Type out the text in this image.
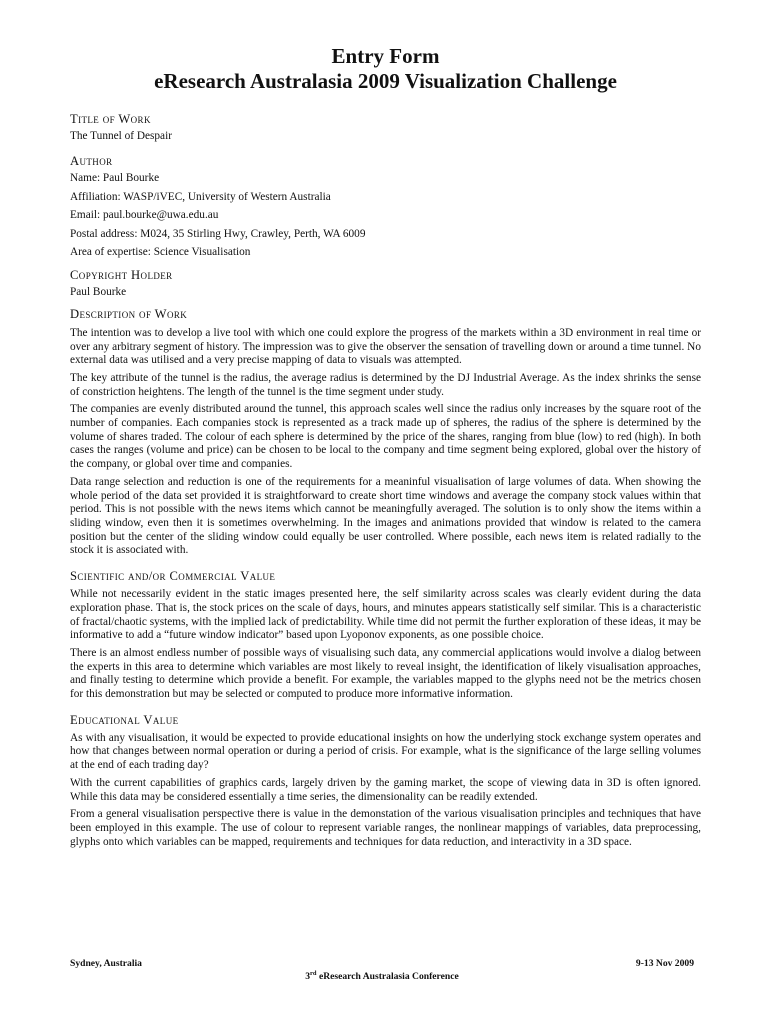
Entry Form
eResearch Australasia 2009 Visualization Challenge
Title of Work
The Tunnel of Despair
Author
Name: Paul Bourke
Affiliation: WASP/iVEC, University of Western Australia
Email: paul.bourke@uwa.edu.au
Postal address: M024, 35 Stirling Hwy, Crawley, Perth, WA 6009
Area of expertise: Science Visualisation
Copyright Holder
Paul Bourke
Description of Work

The intention was to develop a live tool with which one could explore the progress of the markets within a 3D environment in real time or over any arbitrary segment of history. The impression was to give the observer the sensation of travelling down or around a time tunnel. No external data was utilised and a very precise mapping of data to visuals was attempted.

The key attribute of the tunnel is the radius, the average radius is determined by the DJ Industrial Average. As the index shrinks the sense of constriction heightens. The length of the tunnel is the time segment under study.

The companies are evenly distributed around the tunnel, this approach scales well since the radius only increases by the square root of the number of companies. Each companies stock is represented as a track made up of spheres, the radius of the sphere is determined by the volume of shares traded. The colour of each sphere is determined by the price of the shares, ranging from blue (low) to red (high). In both cases the ranges (volume and price) can be chosen to be local to the company and time segment being explored, global over the history of the company, or global over time and companies.

Data range selection and reduction is one of the requirements for a meaninful visualisation of large volumes of data. When showing the whole period of the data set provided it is straightforward to create short time windows and average the company stock values within that period. This is not possible with the news items which cannot be meaningfully averaged. The solution is to only show the items within a sliding window, even then it is sometimes overwhelming. In the images and animations provided that window is related to the camera position but the center of the sliding window could equally be user controlled. Where possible, each news item is related radially to the stock it is associated with.

Scientific and/or Commercial Value

While not necessarily evident in the static images presented here, the self similarity across scales was clearly evident during the data exploration phase. That is, the stock prices on the scale of days, hours, and minutes appears statistically self similar. This is a characteristic of fractal/chaotic systems, with the implied lack of predictability. While time did not permit the further exploration of these ideas, it may be informative to add a “future window indicator” based upon Lyoponov exponents, as one possible choice.

There is an almost endless number of possible ways of visualising such data, any commercial applications would involve a dialog between the experts in this area to determine which variables are most likely to reveal insight, the identification of likely visualisation approaches, and finally testing to determine which provide a benefit. For example, the variables mapped to the glyphs need not be the metrics chosen for this demonstration but may be selected or computed to produce more informative information.

Educational Value

As with any visualisation, it would be expected to provide educational insights on how the underlying stock exchange system operates and how that changes between normal operation or during a period of crisis. For example, what is the significance of the large selling volumes at the end of each trading day?

With the current capabilities of graphics cards, largely driven by the gaming market, the scope of viewing data in 3D is often ignored. While this data may be considered essentially a time series, the dimensionality can be readily extended.

From a general visualisation perspective there is value in the demonstation of the various visualisation principles and techniques that have been employed in this example. The use of colour to represent variable ranges, the nonlinear mappings of variables, data preprocessing, glyphs onto which variables can be mapped, requirements and techniques for data reduction, and interactivity in a 3D space.

Sydney, Australia	9-13 Nov 2009
3rd eResearch Australasia Conference
